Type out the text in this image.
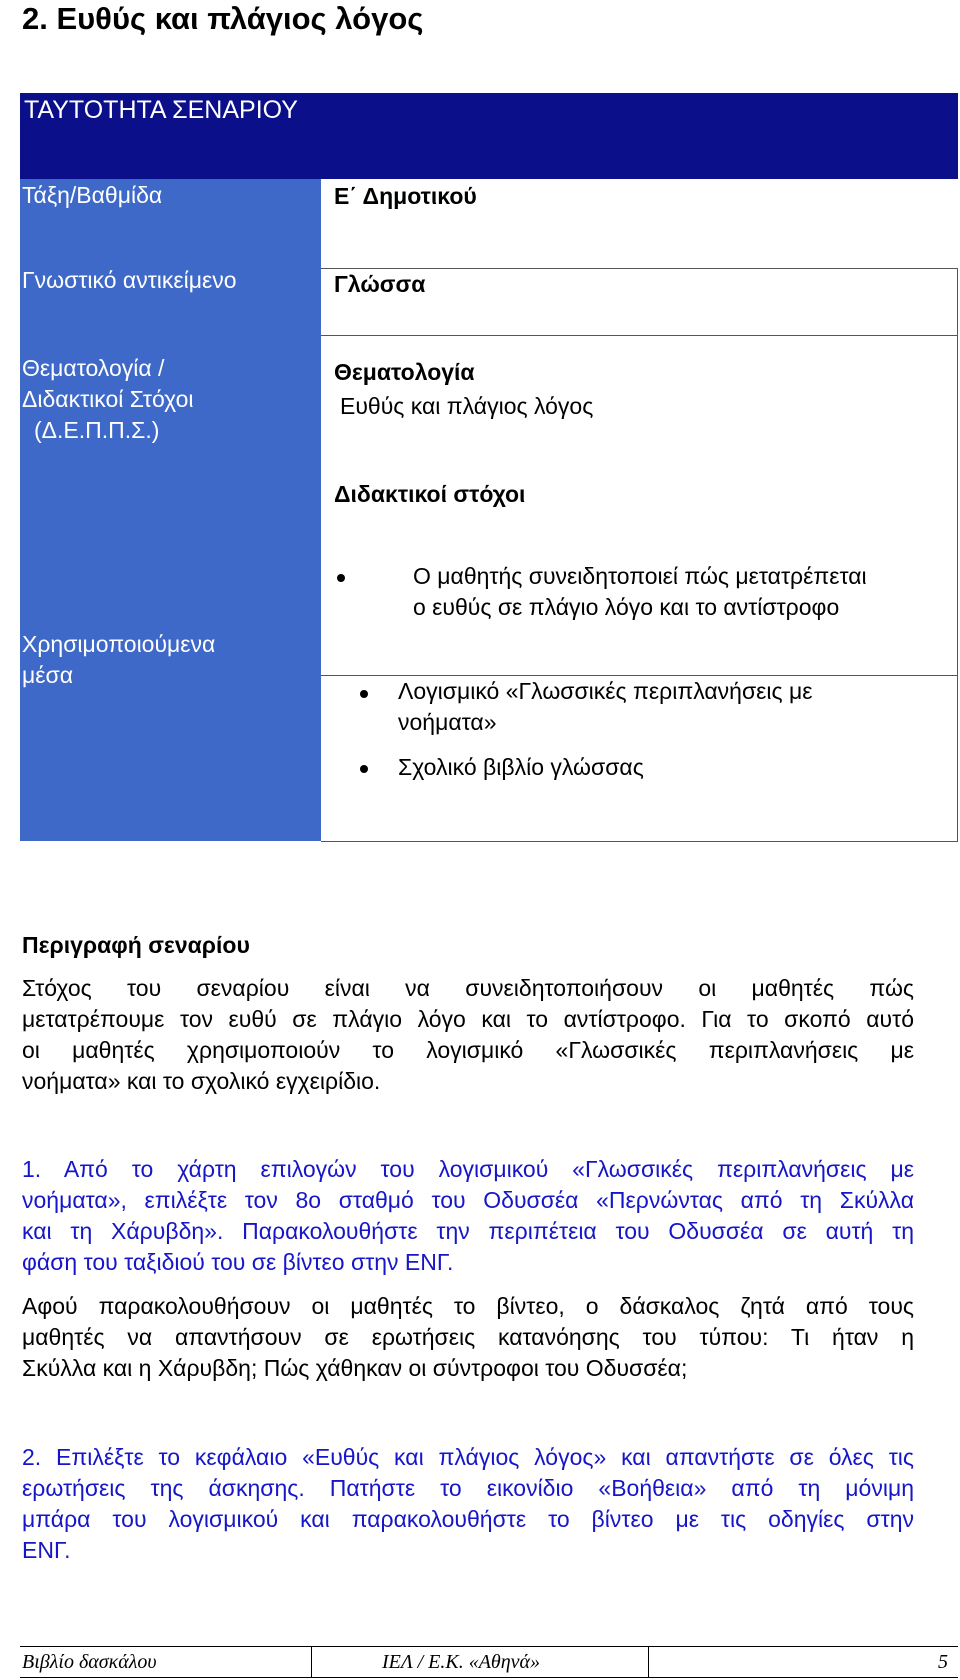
2. Ευθύς και πλάγιος λόγος
ΤΑΥΤΟΤΗΤΑ ΣΕΝΑΡΙΟΥ
Τάξη/Βαθμίδα
Γνωστικό αντικείμενο
Θεματολογία /
Διδακτικοί Στόχοι
(Δ.Ε.Π.Π.Σ.)
Χρησιμοποιούμενα
μέσα
Ε΄ Δημοτικού
Γλώσσα
Θεματολογία
Ευθύς και πλάγιος λόγος
Διδακτικοί στόχοι
Ο μαθητής συνειδητοποιεί πώς μετατρέπεται
ο ευθύς σε πλάγιο λόγο και το αντίστροφο
Λογισμικό «Γλωσσικές περιπλανήσεις με
νοήματα»
Σχολικό βιβλίο γλώσσας
Περιγραφή σεναρίου

Στόχος του σεναρίου είναι να συνειδητοποιήσουν οι μαθητές πώς
μετατρέπουμε τον ευθύ σε πλάγιο λόγο και το αντίστροφο. Για το σκοπό αυτό
οι μαθητές χρησιμοποιούν το λογισμικό «Γλωσσικές περιπλανήσεις με
νοήματα» και το σχολικό εγχειρίδιο.

1. Από το χάρτη επιλογών του λογισμικού «Γλωσσικές περιπλανήσεις με
νοήματα», επιλέξτε τον 8ο σταθμό του Οδυσσέα «Περνώντας από τη Σκύλλα
και τη Χάρυβδη». Παρακολουθήστε την περιπέτεια του Οδυσσέα σε αυτή τη
φάση του ταξιδιού του σε βίντεο στην ΕΝΓ.

Αφού παρακολουθήσουν οι μαθητές το βίντεο, ο δάσκαλος ζητά από τους
μαθητές να απαντήσουν σε ερωτήσεις κατανόησης του τύπου: Τι ήταν η
Σκύλλα και η Χάρυβδη; Πώς χάθηκαν οι σύντροφοι του Οδυσσέα;

2. Επιλέξτε το κεφάλαιο «Ευθύς και πλάγιος λόγος» και απαντήστε σε όλες τις
ερωτήσεις της άσκησης. Πατήστε το εικονίδιο «Βοήθεια» από τη μόνιμη
μπάρα του λογισμικού και παρακολουθήστε το βίντεο με τις οδηγίες στην
ΕΝΓ.

Βιβλίο δασκάλου	ΙΕΛ / Ε.Κ. «Αθηνά»	5
